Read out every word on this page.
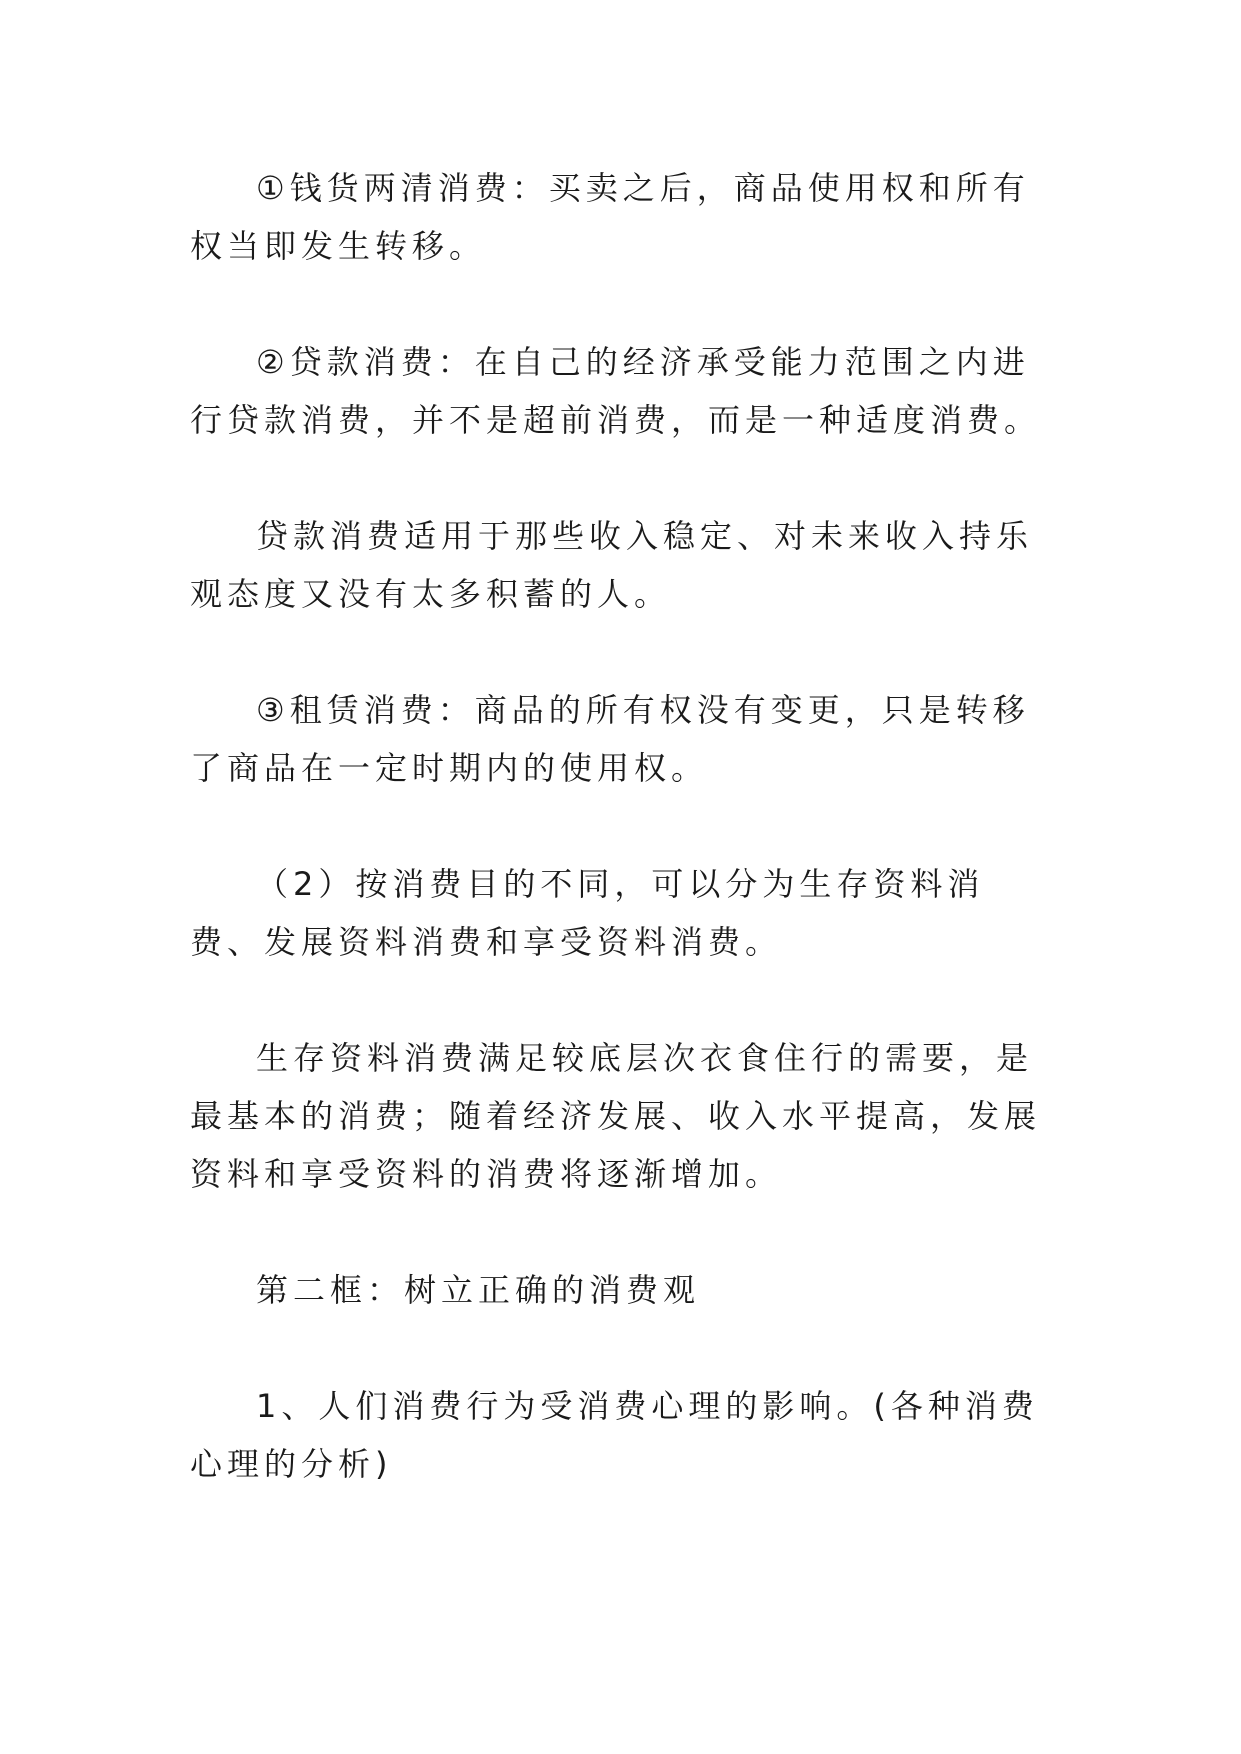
①钱货两清消费：买卖之后，商品使用权和所有权当即发生转移。

②贷款消费：在自己的经济承受能力范围之内进行贷款消费，并不是超前消费，而是一种适度消费。

贷款消费适用于那些收入稳定、对未来收入持乐观态度又没有太多积蓄的人。

③租赁消费：商品的所有权没有变更，只是转移了商品在一定时期内的使用权。

（2）按消费目的不同，可以分为生存资料消费、发展资料消费和享受资料消费。

生存资料消费满足较底层次衣食住行的需要，是最基本的消费；随着经济发展、收入水平提高，发展资料和享受资料的消费将逐渐增加。

第二框：树立正确的消费观

1、人们消费行为受消费心理的影响。(各种消费心理的分析)
